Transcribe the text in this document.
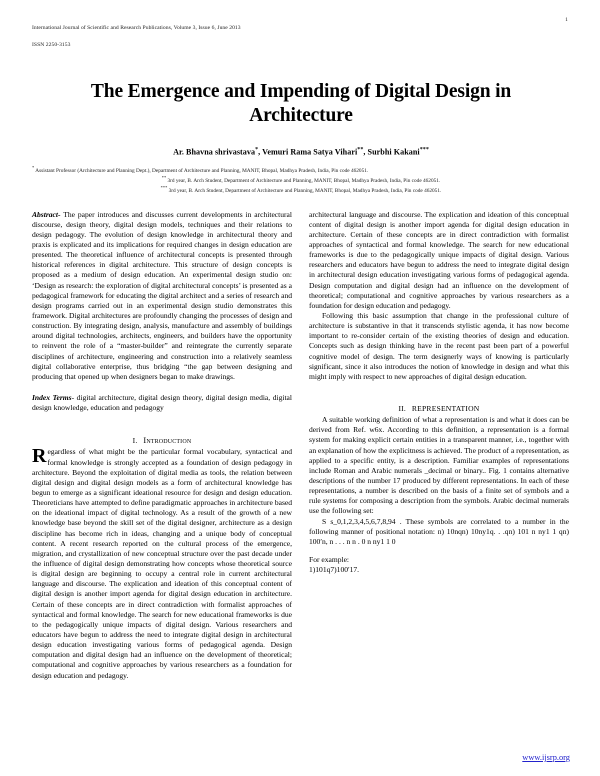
International Journal of Scientific and Research Publications, Volume 3, Issue 6, June 2013

ISSN 2250-3153

1
The Emergence and Impending of Digital Design in Architecture
Ar. Bhavna shrivastava*, Vemuri Rama Satya Vihari**, Surbhi Kakani***
* Assistant Professor (Architecture and Planning Dept.), Department of Architecture and Planning, MANIT, Bhopal, Madhya Pradesh, India, Pin code 462051.
** 3rd year, B. Arch Student, Department of Architecture and Planning, MANIT, Bhopal, Madhya Pradesh, India, Pin code 462051.
*** 3rd year, B. Arch Student, Department of Architecture and Planning, MANIT, Bhopal, Madhya Pradesh, India, Pin code 462051.

Abstract- The paper introduces and discusses current developments in architectural discourse, design theory, digital design models, techniques and their relations to design pedagogy. The evolution of design knowledge in architectural theory and praxis is explicated and its implications for required changes in design education are presented. The theoretical influence of architectural concepts is presented through historical references in digital architecture. This structure of design concepts is proposed as a medium of design education. An experimental design studio on: ‘Design as research: the exploration of digital architectural concepts’ is presented as a pedagogical framework for educating the digital architect and a series of research and design programs carried out in an experimental design studio demonstrates this framework. Digital architectures are profoundly changing the processes of design and construction. By integrating design, analysis, manufacture and assembly of buildings around digital technologies, architects, engineers, and builders have the opportunity to reinvent the role of a “master-builder” and reintegrate the currently separate disciplines of architecture, engineering and construction into a relatively seamless digital collaborative enterprise, thus bridging “the gap between designing and producing that opened up when designers began to make drawings.

Index Terms- digital architecture, digital design theory, digital design media, digital design knowledge, education and pedagogy

I. Introduction

Regardless of what might be the particular formal vocabulary, syntactical and formal knowledge is strongly accepted as a foundation of design pedagogy in architecture. Beyond the exploitation of digital media as tools, the relation between digital design and digital design models as a form of architectural knowledge has begun to emerge as a significant ideational resource for design and design education. Theoreticians have attempted to define paradigmatic approaches in architecture based on the ideational impact of digital technology. As a result of the growth of a new knowledge base beyond the skill set of the digital designer, architecture as a design discipline has become rich in ideas, changing and a unique body of conceptual content. A recent research reported on the cultural process of the emergence, migration, and crystallization of new conceptual structure over the past decade under the influence of digital design demonstrating how concepts whose theoretical source is digital design are beginning to occupy a central role in current architectural language and discourse. The explication and ideation of this conceptual content of digital design is another import agenda for digital design education in architecture. Certain of these concepts are in direct contradiction with formalist approaches of syntactical and formal knowledge. The search for new educational frameworks is due to the pedagogically unique impacts of digital design. Various researchers and educators have begun to address the need to integrate digital design in architectural design education investigating various forms of pedagogical agenda. Design computation and digital design had an influence on the development of theoretical; computational and cognitive approaches by various researchers as a foundation for design education and pedagogy.

architectural language and discourse. The explication and ideation of this conceptual content of digital design is another import agenda for digital design education in architecture. Certain of these concepts are in direct contradiction with formalist approaches of syntactical and formal knowledge. The search for new educational frameworks is due to the pedagogically unique impacts of digital design. Various researchers and educators have begun to address the need to integrate digital design in architectural design education investigating various forms of pedagogical agenda. Design computation and digital design had an influence on the development of theoretical; computational and cognitive approaches by various researchers as a foundation for design education and pedagogy.

Following this basic assumption that change in the professional culture of architecture is substantive in that it transcends stylistic agenda, it has now become important to re-consider certain of the existing theories of design and education. Concepts such as design thinking have in the recent past been part of a powerful cognitive model of design. The term designerly ways of knowing is particularly significant, since it also introduces the notion of knowledge in design and what this might imply with respect to new approaches of digital design education.

II. REPRESENTATION

A suitable working definition of what a representation is and what it does can be derived from Ref. w6x. According to this definition, a representation is a formal system for making explicit certain entities in a transparent manner, i.e., together with an explanation of how the explicitness is achieved. The product of a representation, as applied to a specific entity, is a description. Familiar examples of representations include Roman and Arabic numerals _decimal or binary.. Fig. 1 contains alternative descriptions of the number 17 produced by different representations. In each of these representations, a number is described on the basis of a finite set of symbols and a rule systems for composing a description from the symbols. Arabic decimal numerals use the following set:

S s_0,1,2,3,4,5,6,7,8,94 . These symbols are correlated to a number in the following manner of positional notation: n) 10nqn) 10ny1q. . .qn) 101 n ny1 1 qn) 100′n, n . . . n n . 0 n ny1 1 0

For example:

1)101q7)100′17.

www.ijsrp.org
